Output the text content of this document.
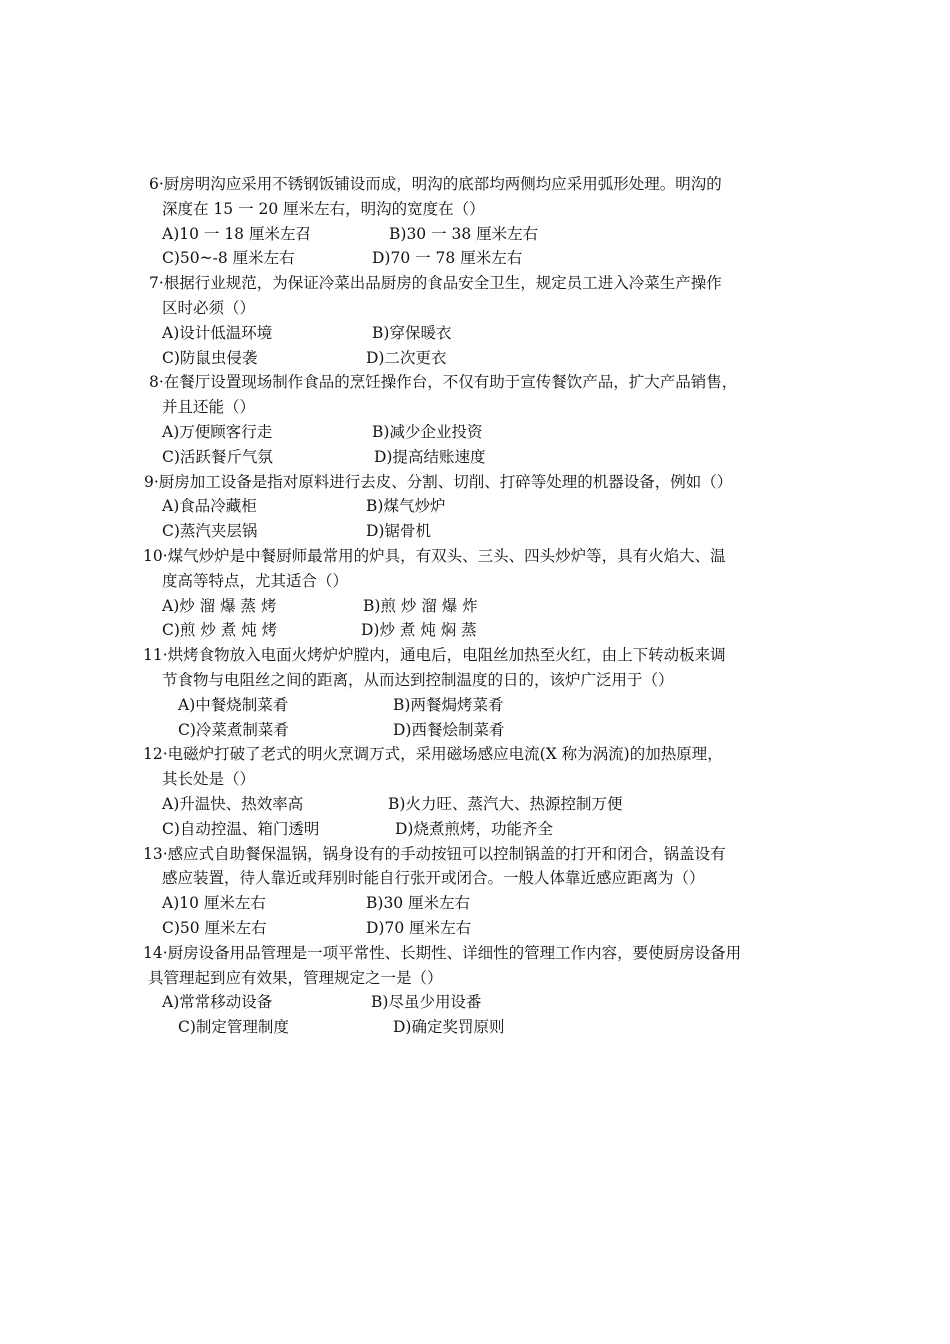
6·厨房明沟应采用不锈钢饭铺设而成，明沟的底部均两侧均应采用弧形处理。明沟的
深度在 15 一 20 厘米左右，明沟的宽度在（）
A)10 一 18 厘米左召	B)30 一 38 厘米左右
C)50~-8 厘米左右	D)70 一 78 厘米左右
7·根据行业规范，为保证冷菜出品厨房的食品安全卫生，规定员工进入冷菜生产操作
区时必须（）
A)设计低温环境	B)穿保暖衣
C)防鼠虫侵袭	D)二次更衣
8·在餐厅设置现场制作食品的烹饪操作台，不仅有助于宣传餐饮产品，扩大产品销售，
并且还能（）
A)万便顾客行走	B)减少企业投资
C)活跃餐斤气氛	D)提高结账速度
9·厨房加工设备是指对原料进行去皮、分割、切削、打碎等处理的机器设备，例如（）
A)食品冷藏柜	B)煤气炒炉
C)蒸汽夹层锅	D)锯骨机
10·煤气炒炉是中餐厨师最常用的炉具，有双头、三头、四头炒炉等，具有火焰大、温
度高等特点，尤其适合（）
A)炒 溜 爆 蒸 烤	B)煎 炒 溜 爆 炸
C)煎 炒 煮 炖 烤	D)炒 煮 炖 焖 蒸
11·烘烤食物放入电面火烤炉炉膛内，通电后，电阻丝加热至火红，由上下转动板来调
节食物与电阻丝之间的距离，从而达到控制温度的日的，该炉广泛用于（）
A)中餐烧制菜肴	B)两餐焗烤菜肴
C)冷菜煮制菜肴	D)西餐烩制菜肴
12·电磁炉打破了老式的明火烹调万式，采用磁场感应电流(X 称为涡流)的加热原理，
其长处是（）
A)升温快、热效率高	B)火力旺、蒸汽大、热源控制万便
C)自动控温、箱门透明	D)烧煮煎烤，功能齐全
13·感应式自助餐保温锅，锅身设有的手动按钮可以控制锅盖的打开和闭合，锅盖设有
感应装置，待人靠近或拜别时能自行张开或闭合。一般人体靠近感应距离为（）
A)10 厘米左右	B)30 厘米左右
C)50 厘米左右	D)70 厘米左右
14·厨房设备用品管理是一项平常性、长期性、详细性的管理工作内容，要使厨房设备用
具管理起到应有效果，管理规定之一是（）
A)常常移动设备	B)尽虽少用设番
C)制定管理制度	D)确定奖罚原则
